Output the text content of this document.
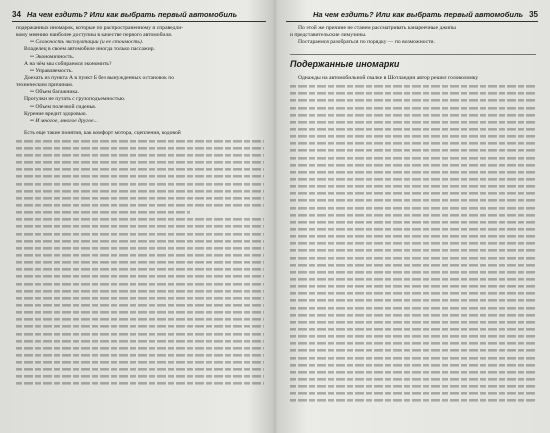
34 На чем ездить? Или как выбрать первый автомобиль
подержанных иномарок, которые по распространенному и справедли-
вому мнению наиболее доступны в качестве первого автомобиля.
• • Сложность эксплуатации (и ее стоимость).
Владелец в своем автомобиле иногда только пассажир.
• • Экономичность.
А на чём мы собираемся экономить?
• • Управляемость.
Доехать из пункта А в пункт Б без вынужденных остановок по
техническим причинам.
• • Объем багажника.
Прогулки не путать с грузоподъемностью.
• • Объем полезной сиденья.
Курение вредит здоровью.
• • И многое, многое другое...
Есть еще такие понятия, как комфорт мотора, сцепления, кодовой
35
На чем ездить? Или как выбрать первый автомобиль
По этой же причине не станем рассматривать канареечные джипы
и представительские лимузины.
Постараемся разобраться по порядку — по возможности.
Подержанные иномарки
Однажды на автомобильной свалке в Шотландии автор решил головоломку
